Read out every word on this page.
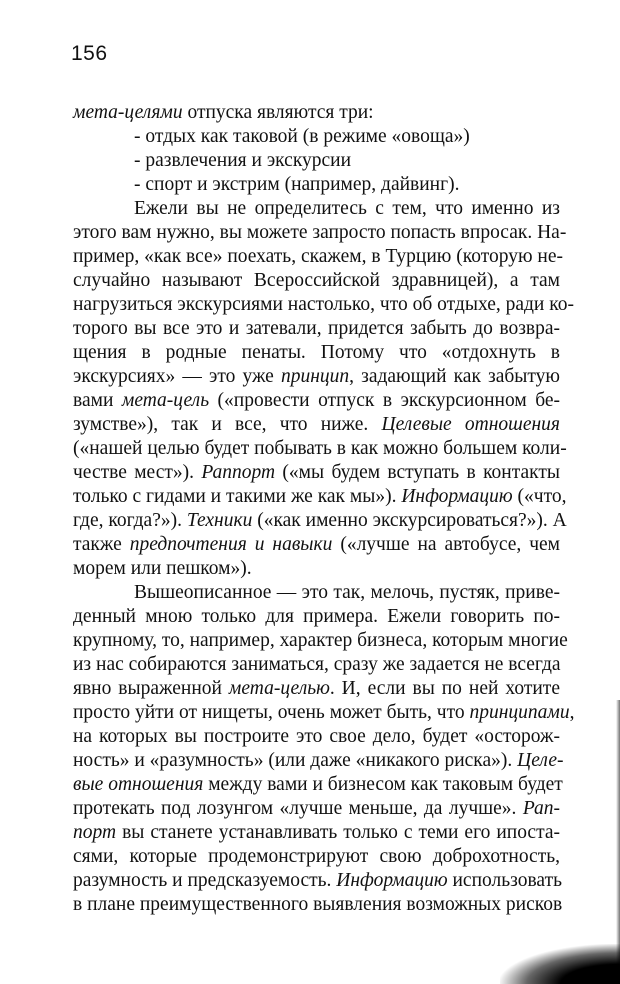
156
мета-целями отпуска являются три:
- отдых как таковой (в режиме «овоща»)
- развлечения и экскурсии
- спорт и экстрим (например, дайвинг).
Ежели вы не определитесь с тем, что именно из
этого вам нужно, вы можете запросто попасть впросак. На-
пример, «как все» поехать, скажем, в Турцию (которую не-
случайно называют Всероссийской здравницей), а там
нагрузиться экскурсиями настолько, что об отдыхе, ради ко-
торого вы все это и затевали, придется забыть до возвра-
щения в родные пенаты. Потому что «отдохнуть в
экскурсиях» — это уже принцип, задающий как забытую
вами мета-цель («провести отпуск в экскурсионном бе-
зумстве»), так и все, что ниже. Целевые отношения
(«нашей целью будет побывать в как можно большем коли-
честве мест»). Раппорт («мы будем вступать в контакты
только с гидами и такими же как мы»). Информацию («что,
где, когда?»). Техники («как именно экскурсироваться?»). А
также предпочтения и навыки («лучше на автобусе, чем
морем или пешком»).
Вышеописанное — это так, мелочь, пустяк, приве-
денный мною только для примера. Ежели говорить по-
крупному, то, например, характер бизнеса, которым многие
из нас собираются заниматься, сразу же задается не всегда
явно выраженной мета-целью. И, если вы по ней хотите
просто уйти от нищеты, очень может быть, что принципами,
на которых вы построите это свое дело, будет «осторож-
ность» и «разумность» (или даже «никакого риска»). Целе-
вые отношения между вами и бизнесом как таковым будет
протекать под лозунгом «лучше меньше, да лучше». Рап-
порт вы станете устанавливать только с теми его ипоста-
сями, которые продемонстрируют свою доброхотность,
разумность и предсказуемость. Информацию использовать
в плане преимущественного выявления возможных рисков
